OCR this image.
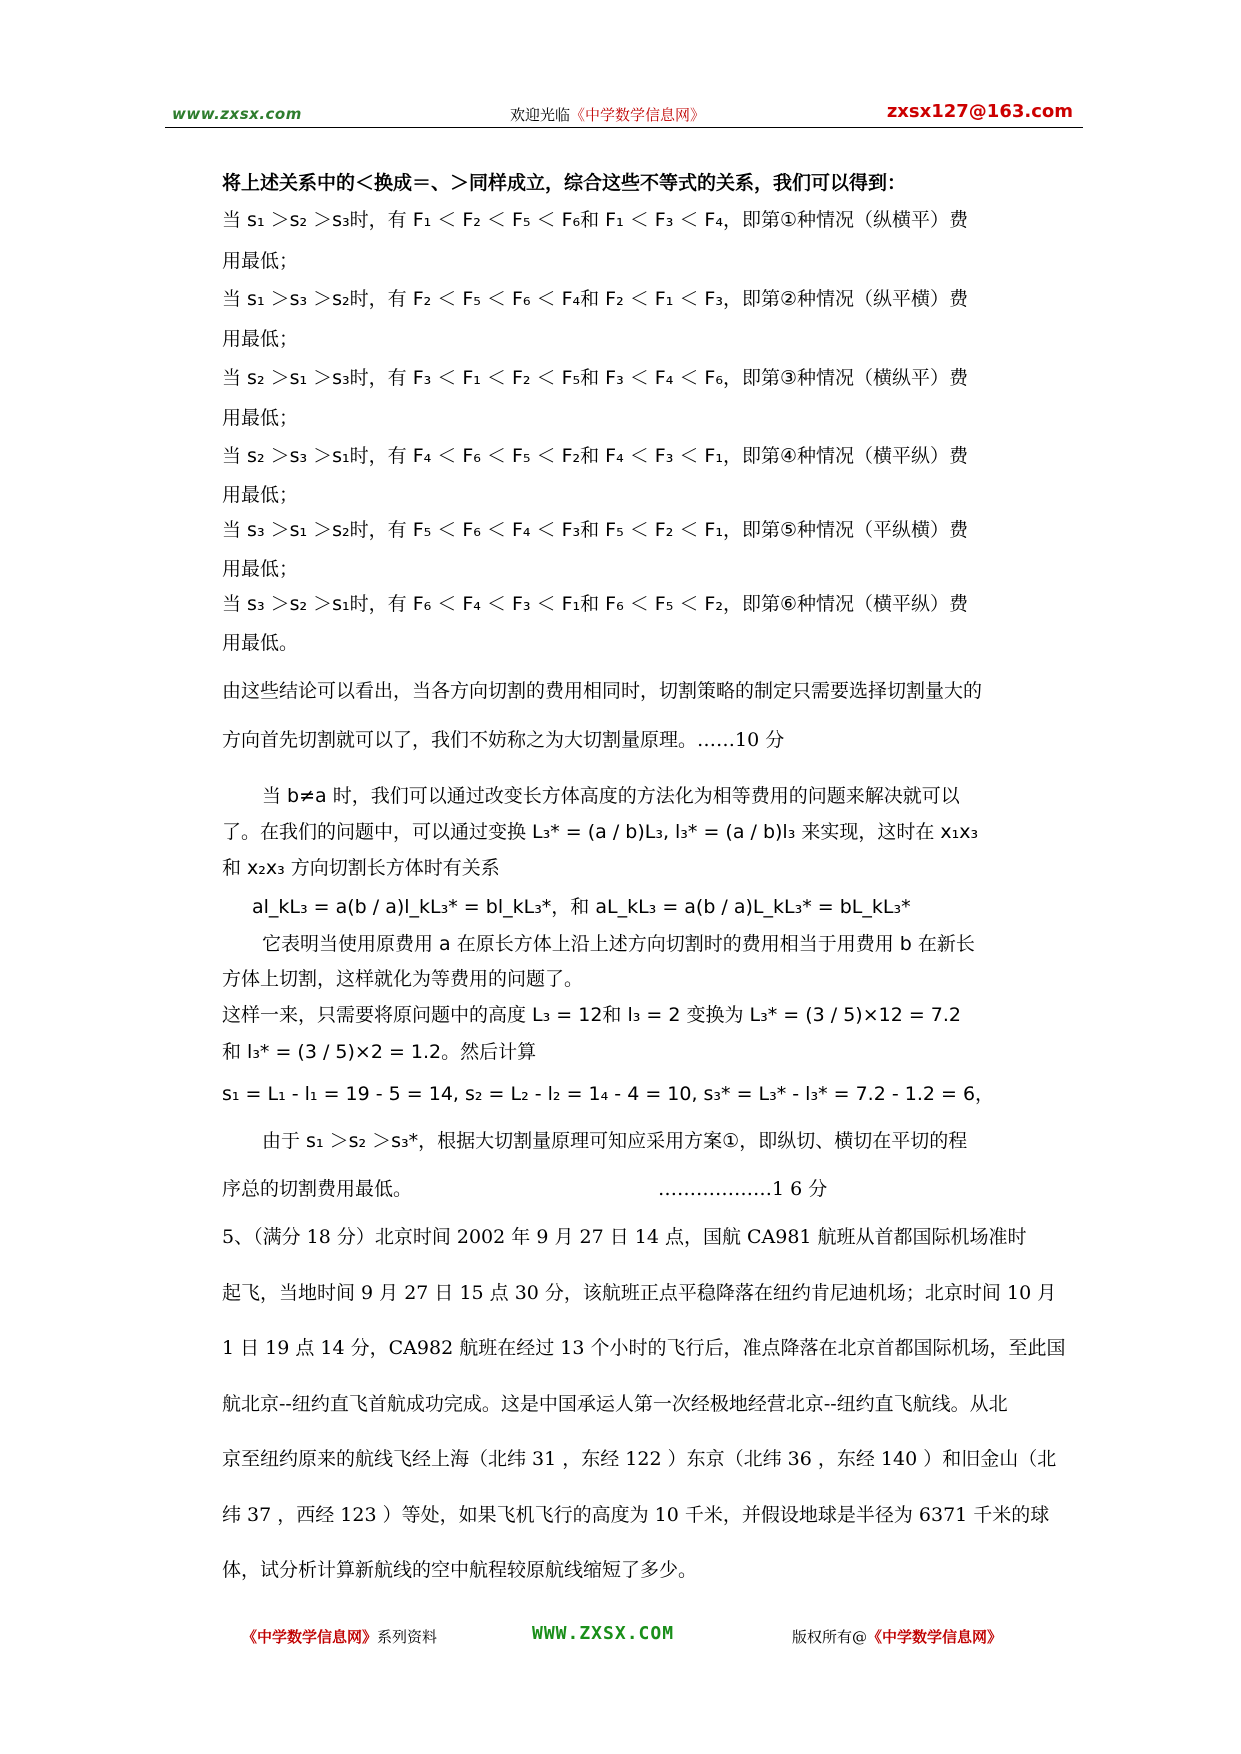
www.zxsx.com	欢迎光临《中学数学信息网》	zxsx127@163.com
将上述关系中的＜换成＝、＞同样成立，综合这些不等式的关系，我们可以得到：
当 s₁ ＞s₂ ＞s₃时，有 F₁ ＜ F₂ ＜ F₅ ＜ F₆和 F₁ ＜ F₃ ＜ F₄，即第①种情况（纵横平）费
用最低；
当 s₁ ＞s₃ ＞s₂时，有 F₂ ＜ F₅ ＜ F₆ ＜ F₄和 F₂ ＜ F₁ ＜ F₃，即第②种情况（纵平横）费
用最低；
当 s₂ ＞s₁ ＞s₃时，有 F₃ ＜ F₁ ＜ F₂ ＜ F₅和 F₃ ＜ F₄ ＜ F₆，即第③种情况（横纵平）费
用最低；
当 s₂ ＞s₃ ＞s₁时，有 F₄ ＜ F₆ ＜ F₅ ＜ F₂和 F₄ ＜ F₃ ＜ F₁，即第④种情况（横平纵）费
用最低；
当 s₃ ＞s₁ ＞s₂时，有 F₅ ＜ F₆ ＜ F₄ ＜ F₃和 F₅ ＜ F₂ ＜ F₁，即第⑤种情况（平纵横）费
用最低；
当 s₃ ＞s₂ ＞s₁时，有 F₆ ＜ F₄ ＜ F₃ ＜ F₁和 F₆ ＜ F₅ ＜ F₂，即第⑥种情况（横平纵）费
用最低。
由这些结论可以看出，当各方向切割的费用相同时，切割策略的制定只需要选择切割量大的
方向首先切割就可以了，我们不妨称之为大切割量原理。……10 分
当 b≠a 时，我们可以通过改变长方体高度的方法化为相等费用的问题来解决就可以
了。在我们的问题中，可以通过变换 L₃* = (a / b)L₃, l₃* = (a / b)l₃ 来实现，这时在 x₁x₃
和 x₂x₃ 方向切割长方体时有关系
al_kL₃ = a(b / a)l_kL₃* = bl_kL₃*，和 aL_kL₃ = a(b / a)L_kL₃* = bL_kL₃*
它表明当使用原费用 a 在原长方体上沿上述方向切割时的费用相当于用费用 b 在新长
方体上切割，这样就化为等费用的问题了。
这样一来，只需要将原问题中的高度 L₃ = 12和 l₃ = 2 变换为 L₃* = (3 / 5)×12 = 7.2
和 l₃* = (3 / 5)×2 = 1.2。然后计算
s₁ = L₁ - l₁ = 19 - 5 = 14, s₂ = L₂ - l₂ = 1₄ - 4 = 10, s₃* = L₃* - l₃* = 7.2 - 1.2 = 6，
由于 s₁ ＞s₂ ＞s₃*，根据大切割量原理可知应采用方案①，即纵切、横切在平切的程
序总的切割费用最低。	………………1 6 分
5、（满分 18 分）北京时间 2002 年 9 月 27 日 14 点，国航 CA981 航班从首都国际机场准时
起飞，当地时间 9 月 27 日 15 点 30 分，该航班正点平稳降落在纽约肯尼迪机场；北京时间 10 月
1 日 19 点 14 分，CA982 航班在经过 13 个小时的飞行后，准点降落在北京首都国际机场，至此国
航北京--纽约直飞首航成功完成。这是中国承运人第一次经极地经营北京--纽约直飞航线。从北
京至纽约原来的航线飞经上海（北纬 31 ，东经 122 ）东京（北纬 36 ，东经 140 ）和旧金山（北
纬 37 ，西经 123 ）等处，如果飞机飞行的高度为 10 千米，并假设地球是半径为 6371 千米的球
体，试分析计算新航线的空中航程较原航线缩短了多少。
《中学数学信息网》系列资料	WWW.ZXSX.COM	版权所有@《中学数学信息网》
